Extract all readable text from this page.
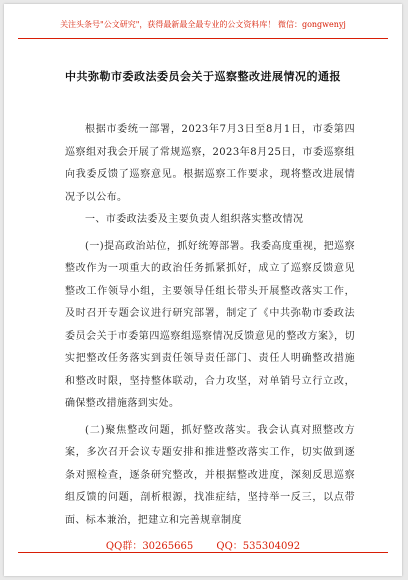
关注头条号"公文研究"，获得最新最全最专业的公文资料库！ 微信：gongwenyj
中共弥勒市委政法委员会关于巡察整改进展情况的通报

根据市委统一部署，2023年7月3日至8月1日，市委第四巡察组对我会开展了常规巡察，2023年8月25日，市委巡察组向我委反馈了巡察意见。根据巡察工作要求，现将整改进展情况予以公布。

一、市委政法委及主要负责人组织落实整改情况

(一)提高政治站位，抓好统筹部署。我委高度重视，把巡察整改作为一项重大的政治任务抓紧抓好，成立了巡察反馈意见整改工作领导小组，主要领导任组长带头开展整改落实工作，及时召开专题会议进行研究部署，制定了《中共弥勒市委政法委员会关于市委第四巡察组巡察情况反馈意见的整改方案》，切实把整改任务落实到责任领导责任部门、责任人明确整改措施和整改时限，坚持整体联动，合力攻坚，对单销号立行立改，确保整改措施落到实处。

(二)聚焦整改问题，抓好整改落实。我会认真对照整改方案，多次召开会议专题安排和推进整改落实工作，切实做到逐条对照检查，逐条研究整改，并根据整改进度，深刻反思巡察组反馈的问题，剖析根源，找准症结，坚持举一反三，以点带面、标本兼治，把建立和完善规章制度

QQ群：30265665 QQ：535304092
